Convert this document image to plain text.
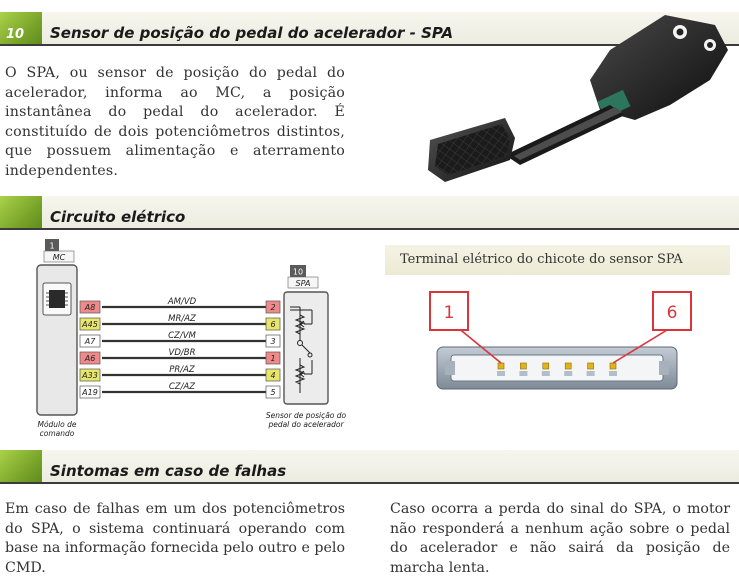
10 Sensor de posição do pedal do acelerador - SPA
O SPA, ou sensor de posição do pedal do acelerador, informa ao MC, a posição instantânea do pedal do acelerador. É constituído de dois potenciômetros distintos, que possuem alimentação e aterramento independentes.
Circuito elétrico
1
MC
Módulo de
comando
10
SPA
Sensor de posição do
pedal do acelerador
A8
AM/VD
2
A45
MR/AZ
6
A7
CZ/VM
3
A6
VD/BR
1
A33
PR/AZ
4
A19
CZ/AZ
5
Terminal elétrico do chicote do sensor SPA
1	6
Sintomas em caso de falhas
Em caso de falhas em um dos potenciômetros do SPA, o sistema continuará operando com base na informação fornecida pelo outro e pelo CMD.
Caso ocorra a perda do sinal do SPA, o motor não responderá a nenhum ação sobre o pedal do acelerador e não sairá da posição de marcha lenta.
